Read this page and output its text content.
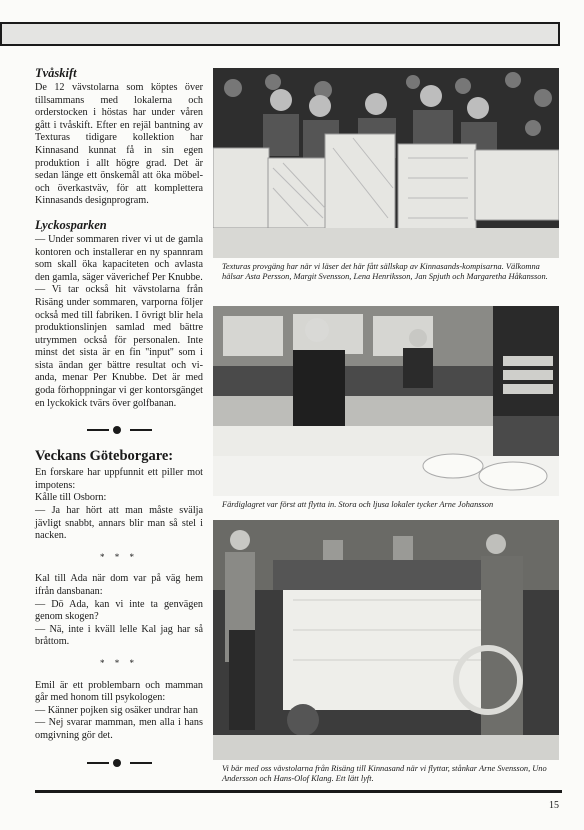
Tvåskift

De 12 vävstolarna som köptes över tillsammans med lokalerna och orderstocken i höstas har under våren gått i tvåskift. Efter en rejäl bantning av Texturas tidigare kollektion har Kinnasand kunnat få in sin egen produktion i allt högre grad. Det är sedan länge ett önskemål att öka möbel- och överkastväv, för att komplettera Kinnasands designprogram.

Lyckosparken

— Under sommaren river vi ut de gamla kontoren och installerar en ny spannram som skall öka kapaciteten och avlasta den gamla, säger väverichef Per Knubbe.

— Vi tar också hit vävstolarna från Risäng under sommaren, varporna följer också med till fabriken. I övrigt blir hela produktionslinjen samlad med bättre utrymmen också för personalen. Inte minst det sista är en fin ''input'' som i sista ändan ger bättre resultat och vi-anda, menar Per Knubbe. Det är med goda förhoppningar vi ger kontorsgänget en lyckokick tvärs över golfbanan.

Veckans Göteborgare:

En forskare har uppfunnit ett piller mot impotens:

Kålle till Osborn:

— Ja har hört att man måste svälja jävligt snabbt, annars blir man så stel i nacken.

* * *

Kal till Ada när dom var på väg hem ifrån dansbanan:

— Dö Ada, kan vi inte ta genvägen genom skogen?

— Nä, inte i kväll lelle Kal jag har så bråttom.

* * *

Emil är ett problembarn och mamman går med honom till psykologen:

— Känner pojken sig osäker undrar han

— Nej svarar mamman, men alla i hans omgivning gör det.

Texturas provgäng har när vi läser det här fått sällskap av Kinnasands-kompisarna. Välkomna hälsar Asta Persson, Margit Svensson, Lena Henriksson, Jan Spjuth och Margaretha Håkansson.
Färdiglagret var först att flytta in. Stora och ljusa lokaler tycker Arne Johansson
Vi bär med oss vävstolarna från Risäng till Kinnasand när vi flyttar, stånkar Arne Svensson, Uno Andersson och Hans-Olof Klang. Ett lätt lyft.
15
